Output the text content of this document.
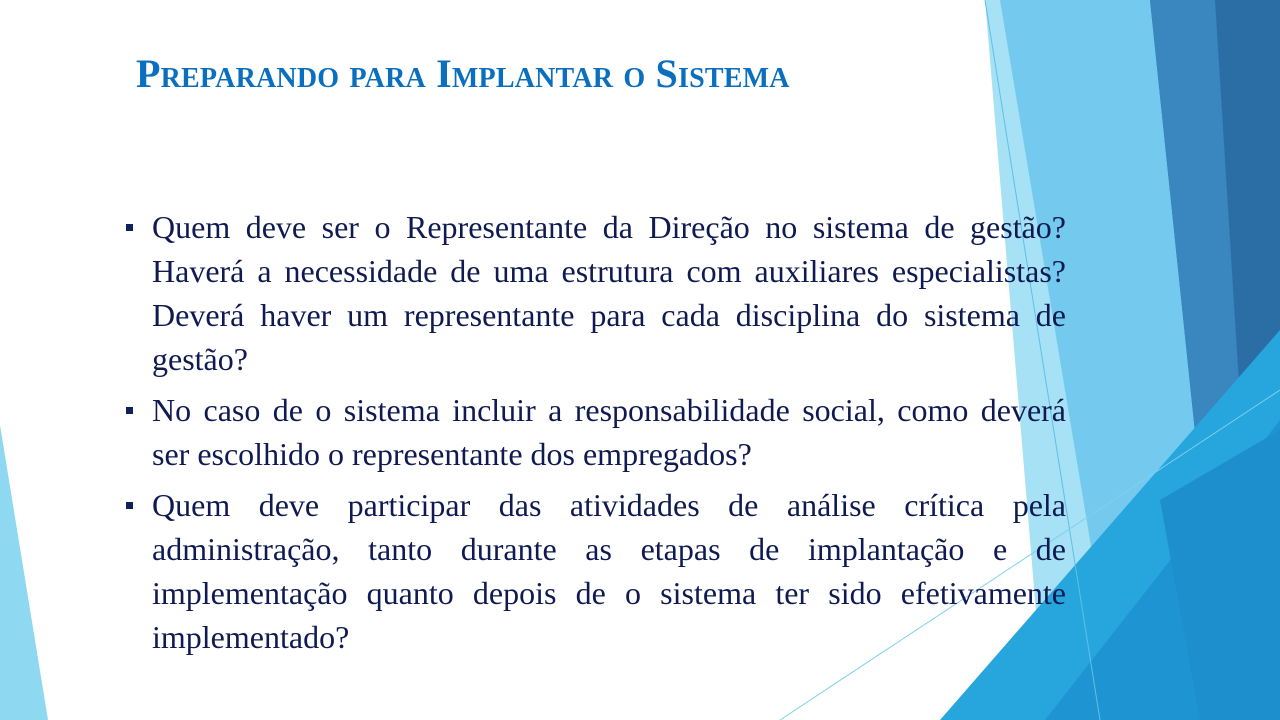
Preparando para Implantar o Sistema
Quem deve ser o Representante da Direção no sistema de gestão? Haverá a necessidade de uma estrutura com auxiliares especialistas? Deverá haver um representante para cada disciplina do sistema de gestão?
No caso de o sistema incluir a responsabilidade social, como deverá ser escolhido o representante dos empregados?
Quem deve participar das atividades de análise crítica pela administração, tanto durante as etapas de implantação e de implementação quanto depois de o sistema ter sido efetivamente implementado?
